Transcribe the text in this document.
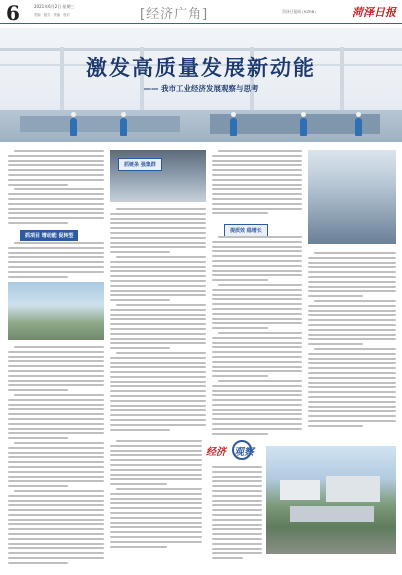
6	2021年6月2日 星期三
责编 · 版式 · 美编 · 校对	[经济广角]	菏泽日报网 (HZRB)	菏泽日报
激发高质量发展新动能
—— 我市工业经济发展观察与思考
抓项目 增动能 促转型
抓链条 强集群
提质效 稳增长
经济 观察
